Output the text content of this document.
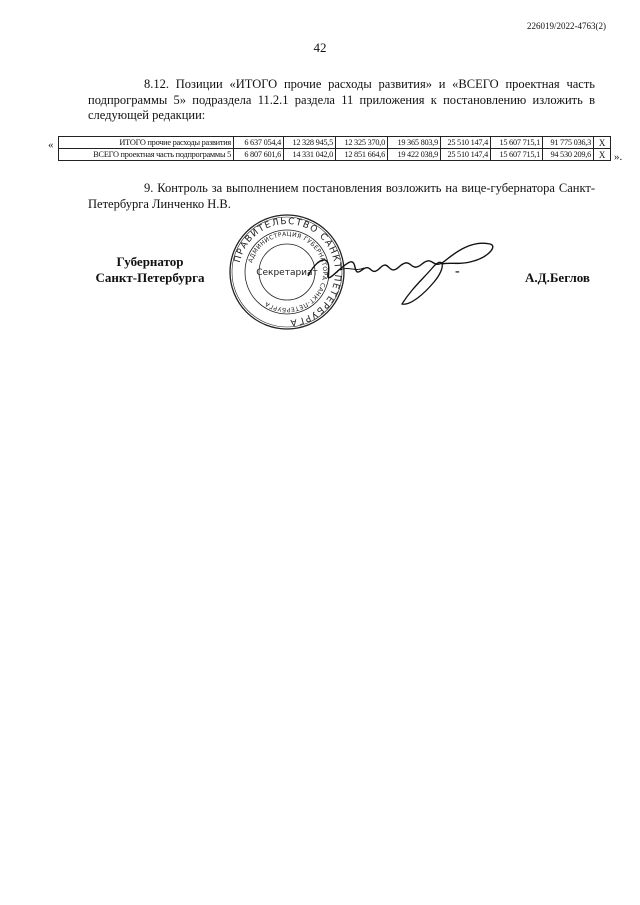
226019/2022-4763(2)
42
8.12. Позиции «ИТОГО прочие расходы развития» и «ВСЕГО проектная часть подпрограммы 5» подраздела 11.2.1 раздела 11 приложения к постановлению изложить в следующей редакции:
«	ИТОГО прочие расходы развития	6 637 054,4	12 328 945,5	12 325 370,0	19 365 803,9	25 510 147,4	15 607 715,1	91 775 036,3	X
ВСЕГО проектная часть подпрограммы 5	6 807 601,6	14 331 042,0	12 851 664,6	19 422 038,9	25 510 147,4	15 607 715,1	94 530 209,6	X ».
9. Контроль за выполнением постановления возложить на вице-губернатора Санкт-Петербурга Линченко Н.В.
Губернатор
Санкт-Петербурга
ПРАВИТЕЛЬСТВО САНКТ-ПЕТЕРБУРГА
АДМИНИСТРАЦИЯ ГУБЕРНАТОРА САНКТ-ПЕТЕРБУРГА
Секретариат	-	А.Д.Беглов
